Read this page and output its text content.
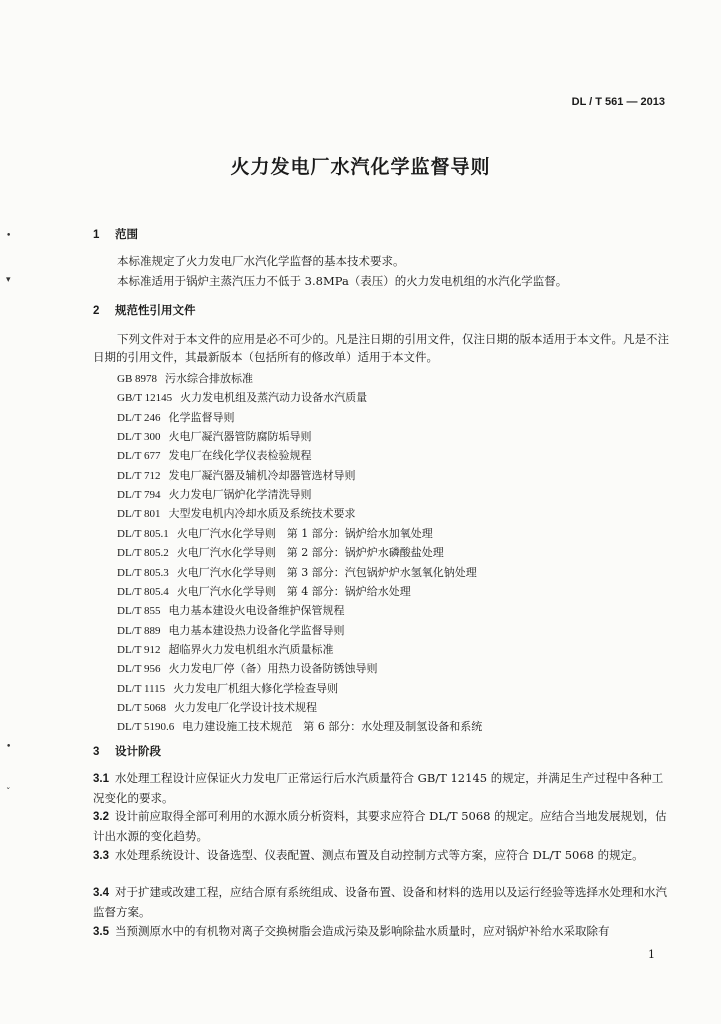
DL / T 561 — 2013
火力发电厂水汽化学监督导则
•
▾
•
ˇ
1 范围
本标准规定了火力发电厂水汽化学监督的基本技术要求。
本标准适用于锅炉主蒸汽压力不低于 3.8MPa（表压）的火力发电机组的水汽化学监督。
2 规范性引用文件
下列文件对于本文件的应用是必不可少的。凡是注日期的引用文件，仅注日期的版本适用于本文件。凡是不注日期的引用文件，其最新版本（包括所有的修改单）适用于本文件。
GB 8978 污水综合排放标准
GB/T 12145 火力发电机组及蒸汽动力设备水汽质量
DL/T 246 化学监督导则
DL/T 300 火电厂凝汽器管防腐防垢导则
DL/T 677 发电厂在线化学仪表检验规程
DL/T 712 发电厂凝汽器及辅机冷却器管选材导则
DL/T 794 火力发电厂锅炉化学清洗导则
DL/T 801 大型发电机内冷却水质及系统技术要求
DL/T 805.1 火电厂汽水化学导则　第 1 部分：锅炉给水加氧处理
DL/T 805.2 火电厂汽水化学导则　第 2 部分：锅炉炉水磷酸盐处理
DL/T 805.3 火电厂汽水化学导则　第 3 部分：汽包锅炉炉水氢氧化钠处理
DL/T 805.4 火电厂汽水化学导则　第 4 部分：锅炉给水处理
DL/T 855 电力基本建设火电设备维护保管规程
DL/T 889 电力基本建设热力设备化学监督导则
DL/T 912 超临界火力发电机组水汽质量标准
DL/T 956 火力发电厂停（备）用热力设备防锈蚀导则
DL/T 1115 火力发电厂机组大修化学检查导则
DL/T 5068 火力发电厂化学设计技术规程
DL/T 5190.6 电力建设施工技术规范　第 6 部分：水处理及制氢设备和系统
3 设计阶段
3.1 水处理工程设计应保证火力发电厂正常运行后水汽质量符合 GB/T 12145 的规定，并满足生产过程中各种工况变化的要求。
3.2 设计前应取得全部可利用的水源水质分析资料，其要求应符合 DL/T 5068 的规定。应结合当地发展规划，估计出水源的变化趋势。
3.3 水处理系统设计、设备选型、仪表配置、测点布置及自动控制方式等方案，应符合 DL/T 5068 的规定。
3.4 对于扩建或改建工程，应结合原有系统组成、设备布置、设备和材料的选用以及运行经验等选择水处理和水汽监督方案。
3.5 当预测原水中的有机物对离子交换树脂会造成污染及影响除盐水质量时，应对锅炉补给水采取除有
1
